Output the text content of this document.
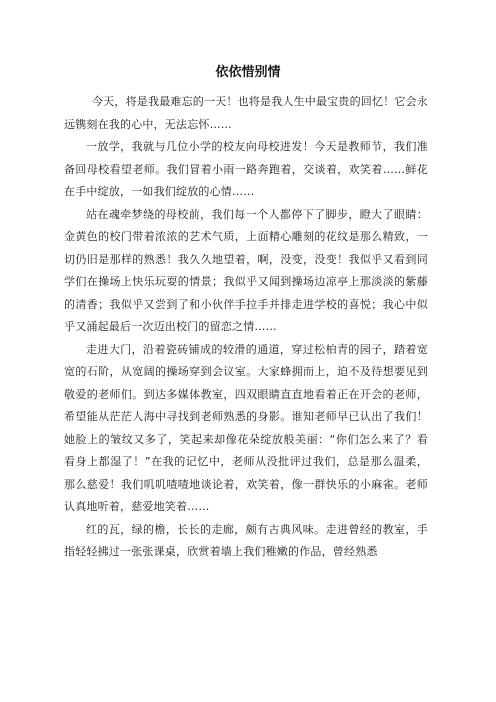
依依惜别情

今天，将是我最难忘的一天！也将是我人生中最宝贵的回忆！它会永远镌刻在我的心中，无法忘怀……

一放学，我就与几位小学的校友向母校进发！今天是教师节，我们准备回母校看望老师。我们冒着小雨一路奔跑着，交谈着，欢笑着……鲜花在手中绽放，一如我们绽放的心情……

站在魂牵梦绕的母校前，我们每一个人都停下了脚步，瞪大了眼睛：金黄色的校门带着浓浓的艺术气质，上面精心雕刻的花纹是那么精致，一切仍旧是那样的熟悉！我久久地望着，啊，没变，没变！我似乎又看到同学们在操场上快乐玩耍的情景；我似乎又闻到操场边凉亭上那淡淡的紫藤的清香；我似乎又尝到了和小伙伴手拉手并排走进学校的喜悦；我心中似乎又涌起最后一次迈出校门的留恋之情……

走进大门，沿着瓷砖铺成的较滑的通道，穿过松柏青的园子，踏着宽宽的石阶，从宽阔的操场穿到会议室。大家蜂拥而上，迫不及待想要见到敬爱的老师们。到达多媒体教室，四双眼睛直直地看着正在开会的老师，希望能从茫茫人海中寻找到老师熟悉的身影。谁知老师早已认出了我们！她脸上的皱纹又多了，笑起来却像花朵绽放般美丽：“你们怎么来了？看看身上都湿了！”在我的记忆中，老师从没批评过我们，总是那么温柔，那么慈爱！我们叽叽喳喳地谈论着，欢笑着，像一群快乐的小麻雀。老师认真地听着，慈爱地笑着……

红的瓦，绿的檐，长长的走廊，颇有古典风味。走进曾经的教室，手指轻轻拂过一张张课桌，欣赏着墙上我们稚嫩的作品，曾经熟悉
